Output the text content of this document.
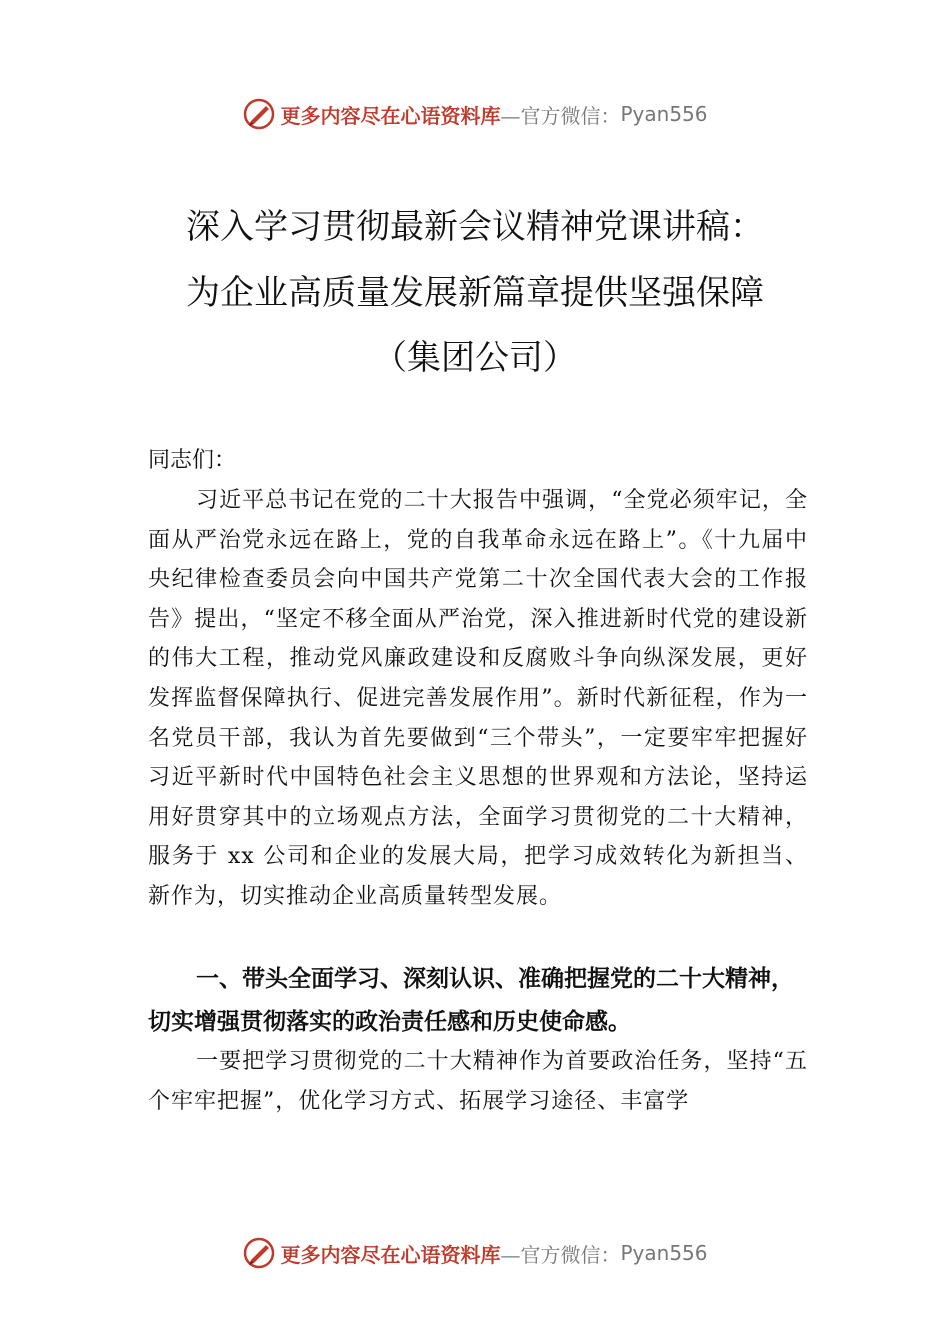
更多内容尽在心语资料库 —官方微信： Pyan556
深入学习贯彻最新会议精神党课讲稿：
为企业高质量发展新篇章提供坚强保障
（集团公司）
同志们：

习近平总书记在党的二十大报告中强调，“全党必须牢记，全面从严治党永远在路上，党的自我革命永远在路上”。《十九届中央纪律检查委员会向中国共产党第二十次全国代表大会的工作报告》提出，“坚定不移全面从严治党，深入推进新时代党的建设新的伟大工程，推动党风廉政建设和反腐败斗争向纵深发展，更好发挥监督保障执行、促进完善发展作用”。新时代新征程，作为一名党员干部，我认为首先要做到“三个带头”，一定要牢牢把握好习近平新时代中国特色社会主义思想的世界观和方法论，坚持运用好贯穿其中的立场观点方法，全面学习贯彻党的二十大精神，服务于 xx 公司和企业的发展大局，把学习成效转化为新担当、新作为，切实推动企业高质量转型发展。

一、带头全面学习、深刻认识、准确把握党的二十大精神，切实增强贯彻落实的政治责任感和历史使命感。

一要把学习贯彻党的二十大精神作为首要政治任务，坚持“五个牢牢把握”，优化学习方式、拓展学习途径、丰富学

更多内容尽在心语资料库 —官方微信： Pyan556
